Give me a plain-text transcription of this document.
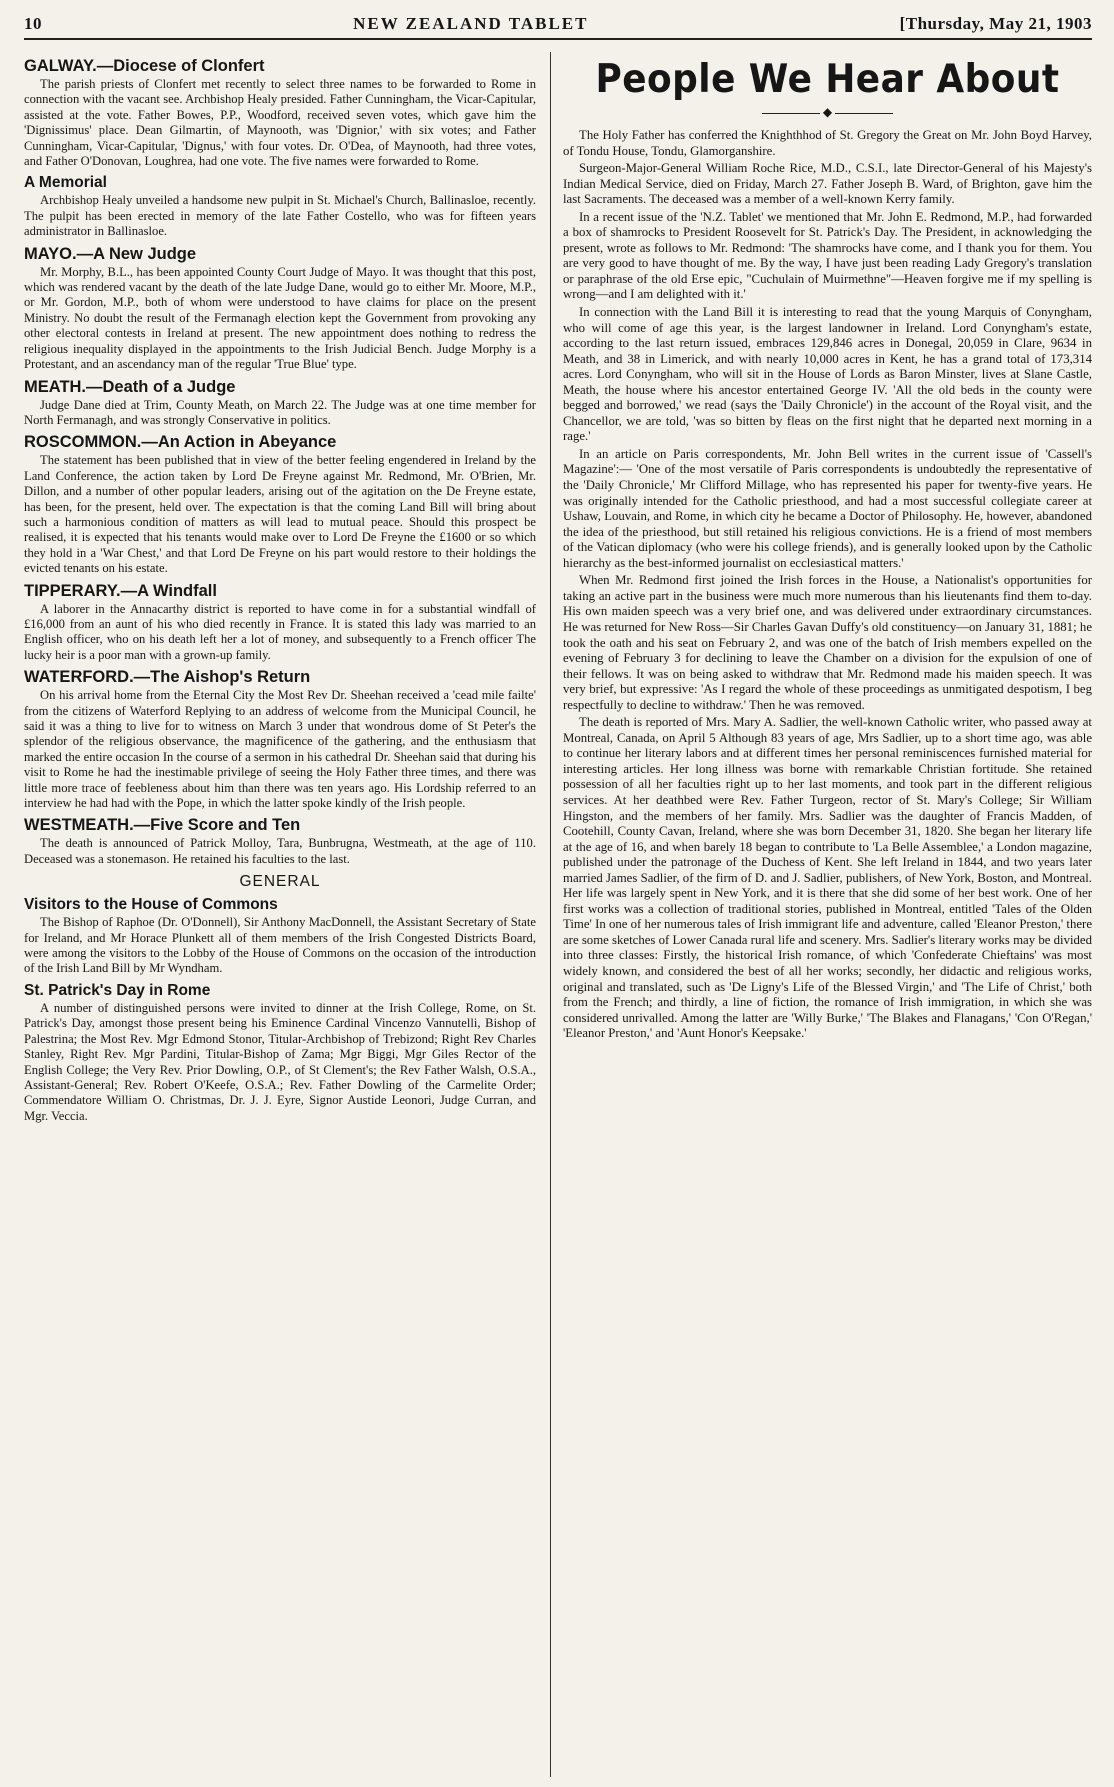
10	NEW ZEALAND TABLET	[Thursday, May 21, 1903
GALWAY.—Diocese of Clonfert

The parish priests of Clonfert met recently to select three names to be forwarded to Rome in connection with the vacant see. Archbishop Healy presided. Father Cunningham, the Vicar-Capitular, assisted at the vote. Father Bowes, P.P., Woodford, received seven votes, which gave him the 'Dignissimus' place. Dean Gilmartin, of Maynooth, was 'Dignior,' with six votes; and Father Cunningham, Vicar-Capitular, 'Dignus,' with four votes. Dr. O'Dea, of Maynooth, had three votes, and Father O'Donovan, Loughrea, had one vote. The five names were forwarded to Rome.

A Memorial

Archbishop Healy unveiled a handsome new pulpit in St. Michael's Church, Ballinasloe, recently. The pulpit has been erected in memory of the late Father Costello, who was for fifteen years administrator in Ballinasloe.

MAYO.—A New Judge

Mr. Morphy, B.L., has been appointed County Court Judge of Mayo. It was thought that this post, which was rendered vacant by the death of the late Judge Dane, would go to either Mr. Moore, M.P., or Mr. Gordon, M.P., both of whom were understood to have claims for place on the present Ministry. No doubt the result of the Fermanagh election kept the Government from provoking any other electoral contests in Ireland at present. The new appointment does nothing to redress the religious inequality displayed in the appointments to the Irish Judicial Bench. Judge Morphy is a Protestant, and an ascendancy man of the regular 'True Blue' type.

MEATH.—Death of a Judge

Judge Dane died at Trim, County Meath, on March 22. The Judge was at one time member for North Fermanagh, and was strongly Conservative in politics.

ROSCOMMON.—An Action in Abeyance

The statement has been published that in view of the better feeling engendered in Ireland by the Land Conference, the action taken by Lord De Freyne against Mr. Redmond, Mr. O'Brien, Mr. Dillon, and a number of other popular leaders, arising out of the agitation on the De Freyne estate, has been, for the present, held over. The expectation is that the coming Land Bill will bring about such a harmonious condition of matters as will lead to mutual peace. Should this prospect be realised, it is expected that his tenants would make over to Lord De Freyne the £1600 or so which they hold in a 'War Chest,' and that Lord De Freyne on his part would restore to their holdings the evicted tenants on his estate.

TIPPERARY.—A Windfall

A laborer in the Annacarthy district is reported to have come in for a substantial windfall of £16,000 from an aunt of his who died recently in France. It is stated this lady was married to an English officer, who on his death left her a lot of money, and subsequently to a French officer The lucky heir is a poor man with a grown-up family.

WATERFORD.—The Aishop's Return

On his arrival home from the Eternal City the Most Rev Dr. Sheehan received a 'cead mile failte' from the citizens of Waterford Replying to an address of welcome from the Municipal Council, he said it was a thing to live for to witness on March 3 under that wondrous dome of St Peter's the splendor of the religious observance, the magnificence of the gathering, and the enthusiasm that marked the entire occasion In the course of a sermon in his cathedral Dr. Sheehan said that during his visit to Rome he had the inestimable privilege of seeing the Holy Father three times, and there was little more trace of feebleness about him than there was ten years ago. His Lordship referred to an interview he had had with the Pope, in which the latter spoke kindly of the Irish people.

WESTMEATH.—Five Score and Ten

The death is announced of Patrick Molloy, Tara, Bunbrugna, Westmeath, at the age of 110. Deceased was a stonemason. He retained his faculties to the last.

GENERAL
Visitors to the House of Commons

The Bishop of Raphoe (Dr. O'Donnell), Sir Anthony MacDonnell, the Assistant Secretary of State for Ireland, and Mr Horace Plunkett all of them members of the Irish Congested Districts Board, were among the visitors to the Lobby of the House of Commons on the occasion of the introduction of the Irish Land Bill by Mr Wyndham.

St. Patrick's Day in Rome

A number of distinguished persons were invited to dinner at the Irish College, Rome, on St. Patrick's Day, amongst those present being his Eminence Cardinal Vincenzo Vannutelli, Bishop of Palestrina; the Most Rev. Mgr Edmond Stonor, Titular-Archbishop of Trebizond; Right Rev Charles Stanley, Right Rev. Mgr Pardini, Titular-Bishop of Zama; Mgr Biggi, Mgr Giles Rector of the English College; the Very Rev. Prior Dowling, O.P., of St Clement's; the Rev Father Walsh, O.S.A., Assistant-General; Rev. Robert O'Keefe, O.S.A.; Rev. Father Dowling of the Carmelite Order; Commendatore William O. Christmas, Dr. J. J. Eyre, Signor Austide Leonori, Judge Curran, and Mgr. Veccia.

People We Hear About
◆

The Holy Father has conferred the Knighthhod of St. Gregory the Great on Mr. John Boyd Harvey, of Tondu House, Tondu, Glamorganshire.

Surgeon-Major-General William Roche Rice, M.D., C.S.I., late Director-General of his Majesty's Indian Medical Service, died on Friday, March 27. Father Joseph B. Ward, of Brighton, gave him the last Sacraments. The deceased was a member of a well-known Kerry family.

In a recent issue of the 'N.Z. Tablet' we mentioned that Mr. John E. Redmond, M.P., had forwarded a box of shamrocks to President Roosevelt for St. Patrick's Day. The President, in acknowledging the present, wrote as follows to Mr. Redmond: 'The shamrocks have come, and I thank you for them. You are very good to have thought of me. By the way, I have just been reading Lady Gregory's translation or paraphrase of the old Erse epic, "Cuchulain of Muirmethne"—Heaven forgive me if my spelling is wrong—and I am delighted with it.'

In connection with the Land Bill it is interesting to read that the young Marquis of Conyngham, who will come of age this year, is the largest landowner in Ireland. Lord Conyngham's estate, according to the last return issued, embraces 129,846 acres in Donegal, 20,059 in Clare, 9634 in Meath, and 38 in Limerick, and with nearly 10,000 acres in Kent, he has a grand total of 173,314 acres. Lord Conyngham, who will sit in the House of Lords as Baron Minster, lives at Slane Castle, Meath, the house where his ancestor entertained George IV. 'All the old beds in the county were begged and borrowed,' we read (says the 'Daily Chronicle') in the account of the Royal visit, and the Chancellor, we are told, 'was so bitten by fleas on the first night that he departed next morning in a rage.'

In an article on Paris correspondents, Mr. John Bell writes in the current issue of 'Cassell's Magazine':— 'One of the most versatile of Paris correspondents is undoubtedly the representative of the 'Daily Chronicle,' Mr Clifford Millage, who has represented his paper for twenty-five years. He was originally intended for the Catholic priesthood, and had a most successful collegiate career at Ushaw, Louvain, and Rome, in which city he became a Doctor of Philosophy. He, however, abandoned the idea of the priesthood, but still retained his religious convictions. He is a friend of most members of the Vatican diplomacy (who were his college friends), and is generally looked upon by the Catholic hierarchy as the best-informed journalist on ecclesiastical matters.'

When Mr. Redmond first joined the Irish forces in the House, a Nationalist's opportunities for taking an active part in the business were much more numerous than his lieutenants find them to-day. His own maiden speech was a very brief one, and was delivered under extraordinary circumstances. He was returned for New Ross—Sir Charles Gavan Duffy's old constituency—on January 31, 1881; he took the oath and his seat on February 2, and was one of the batch of Irish members expelled on the evening of February 3 for declining to leave the Chamber on a division for the expulsion of one of their fellows. It was on being asked to withdraw that Mr. Redmond made his maiden speech. It was very brief, but expressive: 'As I regard the whole of these proceedings as unmitigated despotism, I beg respectfully to decline to withdraw.' Then he was removed.

The death is reported of Mrs. Mary A. Sadlier, the well-known Catholic writer, who passed away at Montreal, Canada, on April 5 Although 83 years of age, Mrs Sadlier, up to a short time ago, was able to continue her literary labors and at different times her personal reminiscences furnished material for interesting articles. Her long illness was borne with remarkable Christian fortitude. She retained possession of all her faculties right up to her last moments, and took part in the different religious services. At her deathbed were Rev. Father Turgeon, rector of St. Mary's College; Sir William Hingston, and the members of her family. Mrs. Sadlier was the daughter of Francis Madden, of Cootehill, County Cavan, Ireland, where she was born December 31, 1820. She began her literary life at the age of 16, and when barely 18 began to contribute to 'La Belle Assemblee,' a London magazine, published under the patronage of the Duchess of Kent. She left Ireland in 1844, and two years later married James Sadlier, of the firm of D. and J. Sadlier, publishers, of New York, Boston, and Montreal. Her life was largely spent in New York, and it is there that she did some of her best work. One of her first works was a collection of traditional stories, published in Montreal, entitled 'Tales of the Olden Time' In one of her numerous tales of Irish immigrant life and adventure, called 'Eleanor Preston,' there are some sketches of Lower Canada rural life and scenery. Mrs. Sadlier's literary works may be divided into three classes: Firstly, the historical Irish romance, of which 'Confederate Chieftains' was most widely known, and considered the best of all her works; secondly, her didactic and religious works, original and translated, such as 'De Ligny's Life of the Blessed Virgin,' and 'The Life of Christ,' both from the French; and thirdly, a line of fiction, the romance of Irish immigration, in which she was considered unrivalled. Among the latter are 'Willy Burke,' 'The Blakes and Flanagans,' 'Con O'Regan,' 'Eleanor Preston,' and 'Aunt Honor's Keepsake.'
